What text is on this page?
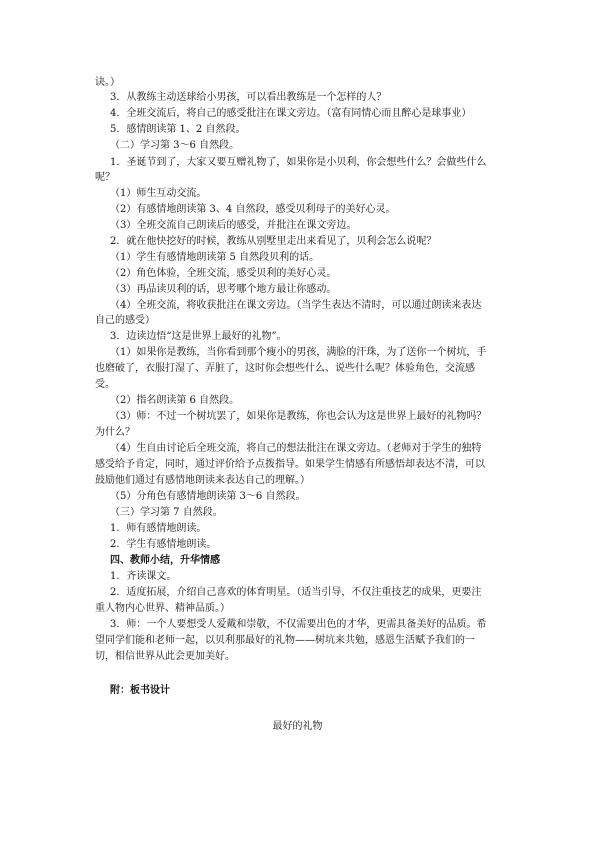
诀。）
3．从教练主动送球给小男孩，可以看出教练是一个怎样的人？
4．全班交流后，将自己的感受批注在课文旁边。（富有同情心而且醉心是球事业）
5．感情朗读第 1、2 自然段。
（二）学习第 3～6 自然段。
1．圣诞节到了，大家又要互赠礼物了，如果你是小贝利，你会想些什么？会做些什么
呢？
（1）师生互动交流。
（2）有感情地朗读第 3、4 自然段，感受贝利母子的美好心灵。
（3）全班交流自己朗读后的感受，并批注在课文旁边。
2．就在他快挖好的时候，教练从别墅里走出来看见了，贝利会怎么说呢？
（1）学生有感情地朗读第 5 自然段贝利的话。
（2）角色体验，全班交流，感受贝利的美好心灵。
（3）再品读贝利的话，思考哪个地方最让你感动。
（4）全班交流，将收获批注在课文旁边。（当学生表达不清时，可以通过朗读来表达
自己的感受）
3．边读边悟“这是世界上最好的礼物”。
（1）如果你是教练，当你看到那个瘦小的男孩，满脸的汗珠，为了送你一个树坑，手
也磨破了，衣服打湿了、弄脏了，这时你会想些什么、说些什么呢？体验角色，交流感
受。
（2）指名朗读第 6 自然段。
（3）师：不过一个树坑罢了，如果你是教练，你也会认为这是世界上最好的礼物吗？
为什么？
（4）生自由讨论后全班交流，将自己的想法批注在课文旁边。（老师对于学生的独特
感受给予肯定，同时，通过评价给予点拨指导。如果学生情感有所感悟却表达不清，可以
鼓励他们通过有感情地朗读来表达自己的理解。）
（5）分角色有感情地朗读第 3～6 自然段。
（三）学习第 7 自然段。
1．师有感情地朗读。
2．学生有感情地朗读。
四、教师小结，升华情感
1．齐读课文。
2．适度拓展，介绍自己喜欢的体育明星。（适当引导，不仅注重技艺的成果，更要注
重人物内心世界、精神品质。）
3．师：一个人要想受人爱戴和崇敬，不仅需要出色的才华，更需具备美好的品质。希
望同学们能和老师一起，以贝利那最好的礼物——树坑来共勉，感恩生活赋予我们的一
切，相信世界从此会更加美好。
附：板书设计
最好的礼物
